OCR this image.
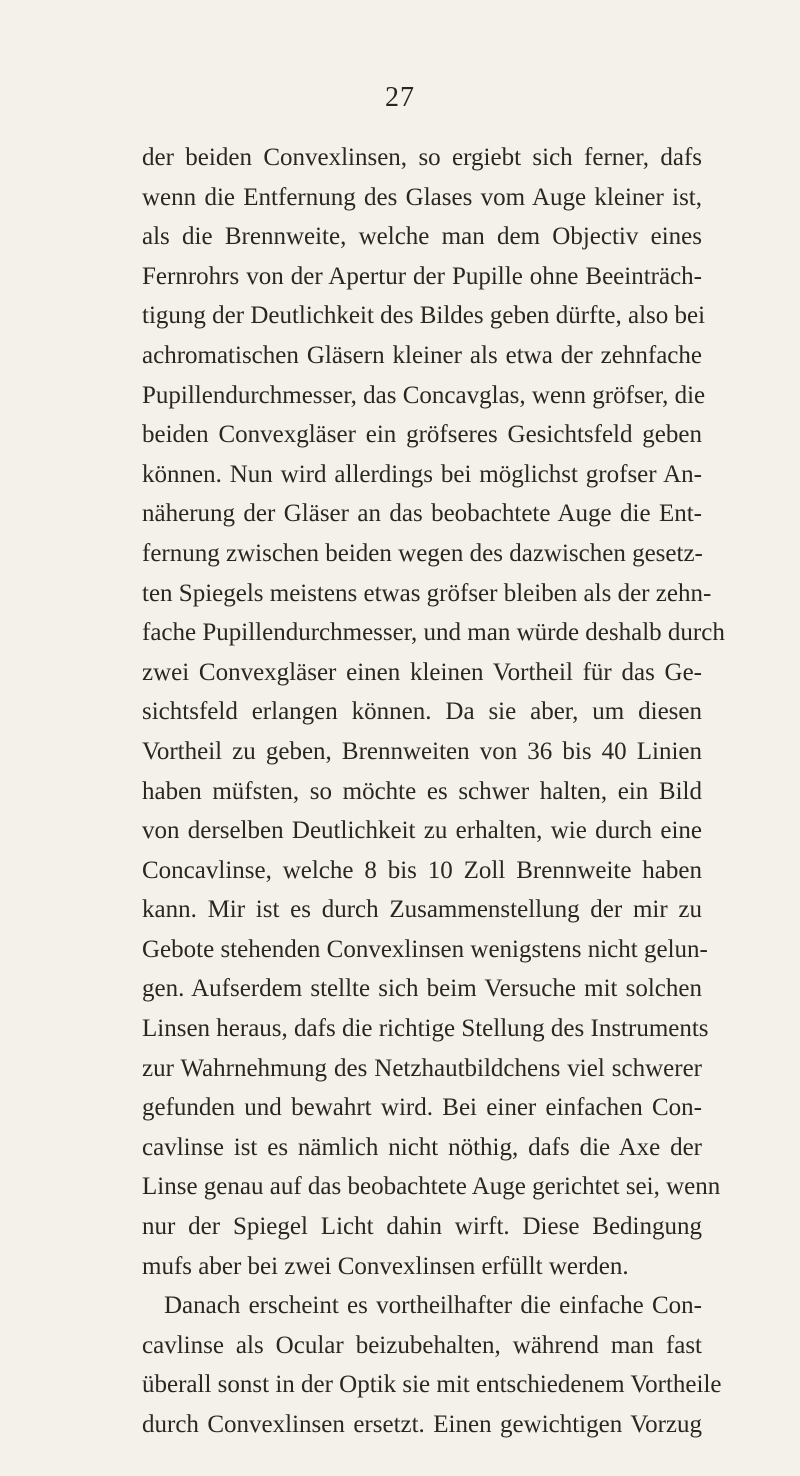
27
der beiden Convexlinsen, so ergiebt sich ferner, dafs
wenn die Entfernung des Glases vom Auge kleiner ist,
als die Brennweite, welche man dem Objectiv eines
Fernrohrs von der Apertur der Pupille ohne Beeinträch-
tigung der Deutlichkeit des Bildes geben dürfte, also bei
achromatischen Gläsern kleiner als etwa der zehnfache
Pupillendurchmesser, das Concavglas, wenn gröfser, die
beiden Convexgläser ein gröfseres Gesichtsfeld geben
können. Nun wird allerdings bei möglichst grofser An-
näherung der Gläser an das beobachtete Auge die Ent-
fernung zwischen beiden wegen des dazwischen gesetz-
ten Spiegels meistens etwas gröfser bleiben als der zehn-
fache Pupillendurchmesser, und man würde deshalb durch
zwei Convexgläser einen kleinen Vortheil für das Ge-
sichtsfeld erlangen können. Da sie aber, um diesen
Vortheil zu geben, Brennweiten von 36 bis 40 Linien
haben müfsten, so möchte es schwer halten, ein Bild
von derselben Deutlichkeit zu erhalten, wie durch eine
Concavlinse, welche 8 bis 10 Zoll Brennweite haben
kann. Mir ist es durch Zusammenstellung der mir zu
Gebote stehenden Convexlinsen wenigstens nicht gelun-
gen. Aufserdem stellte sich beim Versuche mit solchen
Linsen heraus, dafs die richtige Stellung des Instruments
zur Wahrnehmung des Netzhautbildchens viel schwerer
gefunden und bewahrt wird. Bei einer einfachen Con-
cavlinse ist es nämlich nicht nöthig, dafs die Axe der
Linse genau auf das beobachtete Auge gerichtet sei, wenn
nur der Spiegel Licht dahin wirft. Diese Bedingung
mufs aber bei zwei Convexlinsen erfüllt werden.
Danach erscheint es vortheilhafter die einfache Con-
cavlinse als Ocular beizubehalten, während man fast
überall sonst in der Optik sie mit entschiedenem Vortheile
durch Convexlinsen ersetzt. Einen gewichtigen Vorzug
